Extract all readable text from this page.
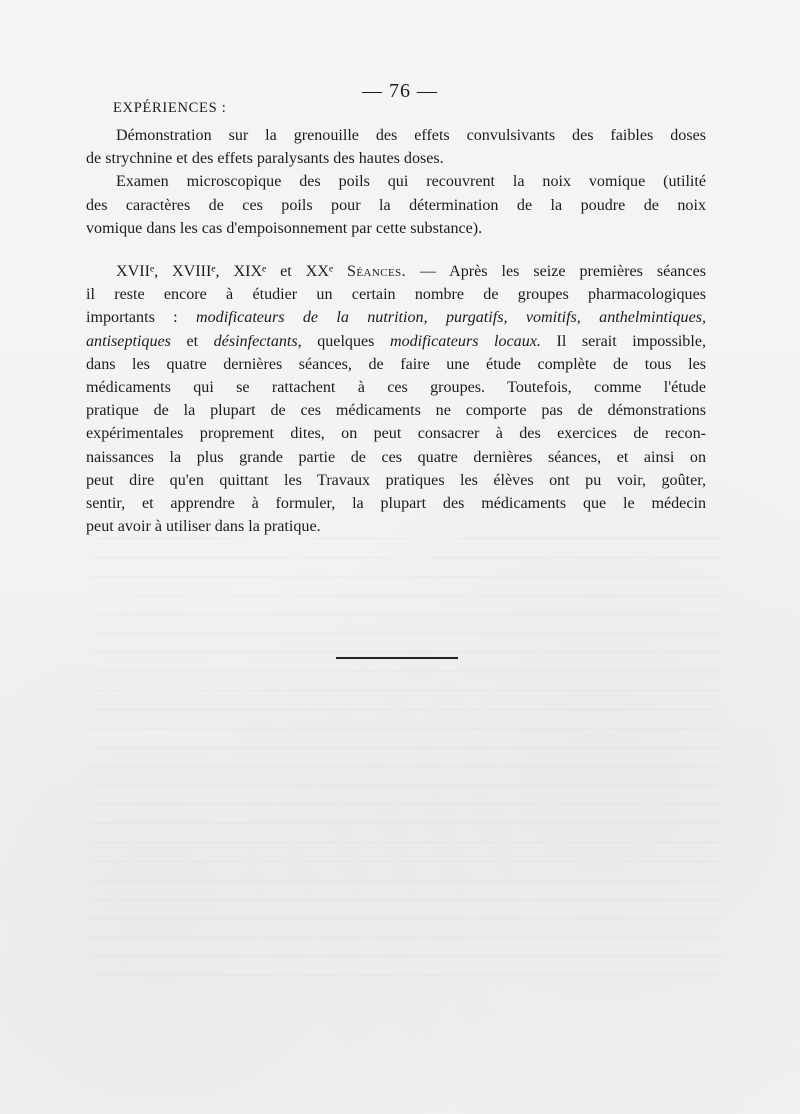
— 76 —
EXPÉRIENCES :
Démonstration sur la grenouille des effets convulsivants des faibles doses
de strychnine et des effets paralysants des hautes doses.
Examen microscopique des poils qui recouvrent la noix vomique (utilité
des caractères de ces poils pour la détermination de la poudre de noix
vomique dans les cas d'empoisonnement par cette substance).
XVIIᵉ, XVIIIᵉ, XIXᵉ et XXᵉ Séances. — Après les seize premières séances
il reste encore à étudier un certain nombre de groupes pharmacologiques
importants : modificateurs de la nutrition, purgatifs, vomitifs, anthelmintiques,
antiseptiques et désinfectants, quelques modificateurs locaux. Il serait impossible,
dans les quatre dernières séances, de faire une étude complète de tous les
médicaments qui se rattachent à ces groupes. Toutefois, comme l'étude
pratique de la plupart de ces médicaments ne comporte pas de démonstrations
expérimentales proprement dites, on peut consacrer à des exercices de recon-
naissances la plus grande partie de ces quatre dernières séances, et ainsi on
peut dire qu'en quittant les Travaux pratiques les élèves ont pu voir, goûter,
sentir, et apprendre à formuler, la plupart des médicaments que le médecin
peut avoir à utiliser dans la pratique.
